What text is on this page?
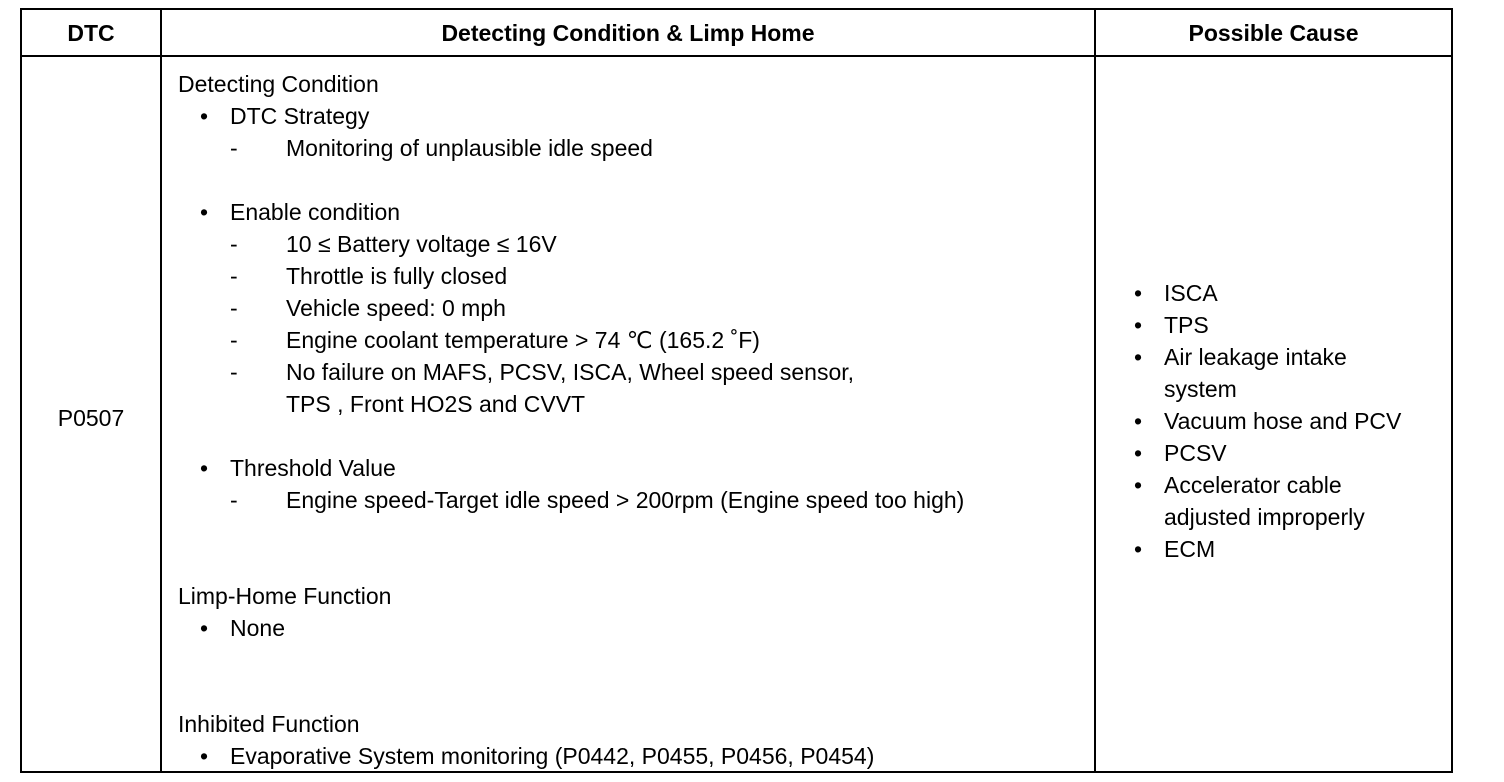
DTC	Detecting Condition & Limp Home	Possible Cause
P0507
Detecting Condition
• DTC Strategy
- Monitoring of unplausible idle speed
• Enable condition
- 10 ≤ Battery voltage ≤ 16V
- Throttle is fully closed
- Vehicle speed: 0 mph
- Engine coolant temperature > 74 ℃ (165.2 ˚F)
- No failure on MAFS, PCSV, ISCA, Wheel speed sensor,
TPS , Front HO2S and CVVT
• Threshold Value
- Engine speed-Target idle speed > 200rpm (Engine speed too high)
Limp-Home Function
• None
Inhibited Function
• Evaporative System monitoring (P0442, P0455, P0456, P0454)
• ISCA
• TPS
• Air leakage intake system
• Vacuum hose and PCV
• PCSV
• Accelerator cable adjusted improperly
• ECM
